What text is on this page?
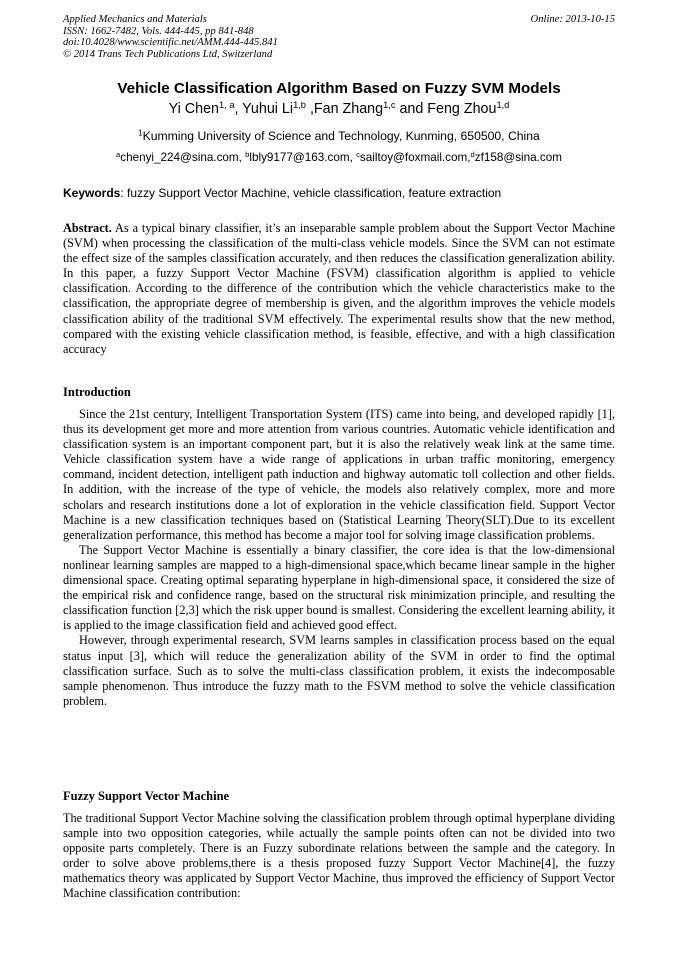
Applied Mechanics and Materials
ISSN: 1662-7482, Vols. 444-445, pp 841-848
doi:10.4028/www.scientific.net/AMM.444-445.841
© 2014 Trans Tech Publications Ltd, Switzerland
Online: 2013-10-15
Vehicle Classification Algorithm Based on Fuzzy SVM Models
Yi Chen$^{1, a}$, Yuhui Li$^{1,b}$ ,Fan Zhang$^{1,c}$ and Feng Zhou$^{1,d}$
$^1$Kumming University of Science and Technology, Kunming, 650500, China
$^a$chenyi_224@sina.com, $^b$lbly9177@163.com, $^c$sailtoy@foxmail.com,$^d$zf158@sina.com
Keywords: fuzzy Support Vector Machine, vehicle classification, feature extraction
Abstract. As a typical binary classifier, it’s an inseparable sample problem about the Support Vector Machine (SVM) when processing the classification of the multi-class vehicle models. Since the SVM can not estimate the effect size of the samples classification accurately, and then reduces the classification generalization ability. In this paper, a fuzzy Support Vector Machine (FSVM) classification algorithm is applied to vehicle classification. According to the difference of the contribution which the vehicle characteristics make to the classification, the appropriate degree of membership is given, and the algorithm improves the vehicle models classification ability of the traditional SVM effectively. The experimental results show that the new method, compared with the existing vehicle classification method, is feasible, effective, and with a high classification accuracy
Introduction

Since the 21st century, Intelligent Transportation System (ITS) came into being, and developed rapidly [1], thus its development get more and more attention from various countries. Automatic vehicle identification and classification system is an important component part, but it is also the relatively weak link at the same time. Vehicle classification system have a wide range of applications in urban traffic monitoring, emergency command, incident detection, intelligent path induction and highway automatic toll collection and other fields. In addition, with the increase of the type of vehicle, the models also relatively complex, more and more scholars and research institutions done a lot of exploration in the vehicle classification field. Support Vector Machine is a new classification techniques based on (Statistical Learning Theory(SLT).Due to its excellent generalization performance, this method has become a major tool for solving image classification problems.

The Support Vector Machine is essentially a binary classifier, the core idea is that the low-dimensional nonlinear learning samples are mapped to a high-dimensional space,which became linear sample in the higher dimensional space. Creating optimal separating hyperplane in high-dimensional space, it considered the size of the empirical risk and confidence range, based on the structural risk minimization principle, and resulting the classification function [2,3] which the risk upper bound is smallest. Considering the excellent learning ability, it is applied to the image classification field and achieved good effect.

However, through experimental research, SVM learns samples in classification process based on the equal status input [3], which will reduce the generalization ability of the SVM in order to find the optimal classification surface. Such as to solve the multi-class classification problem, it exists the indecomposable sample phenomenon. Thus introduce the fuzzy math to the FSVM method to solve the vehicle classification problem.

Fuzzy Support Vector Machine

The traditional Support Vector Machine solving the classification problem through optimal hyperplane dividing sample into two opposition categories, while actually the sample points often can not be divided into two opposite parts completely. There is an Fuzzy subordinate relations between the sample and the category. In order to solve above problems,there is a thesis proposed fuzzy Support Vector Machine[4], the fuzzy mathematics theory was applicated by Support Vector Machine, thus improved the efficiency of Support Vector Machine classification contribution:
